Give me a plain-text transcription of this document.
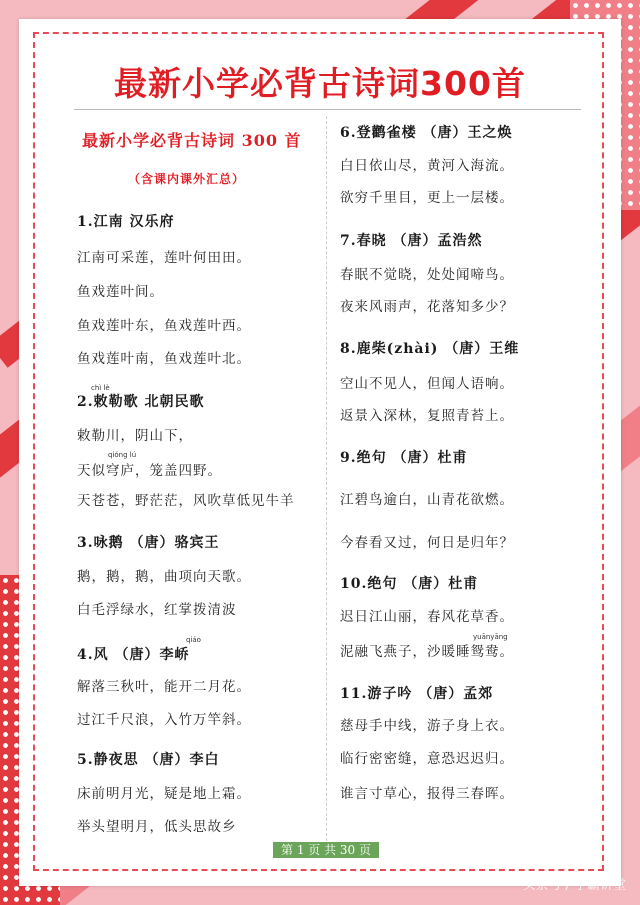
最新小学必背古诗词300首
最新小学必背古诗词 300 首
（含课内课外汇总）
1.江南 汉乐府
江南可采莲，莲叶何田田。
鱼戏莲叶间。
鱼戏莲叶东，鱼戏莲叶西。
鱼戏莲叶南，鱼戏莲叶北。
chì lè
2.敕勒歌 北朝民歌
敕勒川，阴山下，
qióng lú
天似穹庐，笼盖四野。
天苍苍，野茫茫，风吹草低见牛羊
3.咏鹅 （唐）骆宾王
鹅，鹅，鹅，曲项向天歌。
白毛浮绿水，红掌拨清波
qiáo
4.风 （唐）李峤
解落三秋叶，能开二月花。
过江千尺浪，入竹万竿斜。
5.静夜思 （唐）李白
床前明月光，疑是地上霜。
举头望明月，低头思故乡
6.登鹳雀楼 （唐）王之焕
白日依山尽，黄河入海流。
欲穷千里目，更上一层楼。
7.春晓 （唐）孟浩然
春眠不觉晓，处处闻啼鸟。
夜来风雨声，花落知多少？
8.鹿柴(zhài) （唐）王维
空山不见人，但闻人语响。
返景入深林，复照青苔上。
9.绝句 （唐）杜甫
江碧鸟逾白，山青花欲燃。
今春看又过，何日是归年？
10.绝句 （唐）杜甫
迟日江山丽，春风花草香。
yuānyāng
泥融飞燕子，沙暖睡鸳鸯。
11.游子吟 （唐）孟郊
慈母手中线，游子身上衣。
临行密密缝，意恐迟迟归。
谁言寸草心，报得三春晖。
第 1 页 共 30 页
头条号 / 学霸讲堂
